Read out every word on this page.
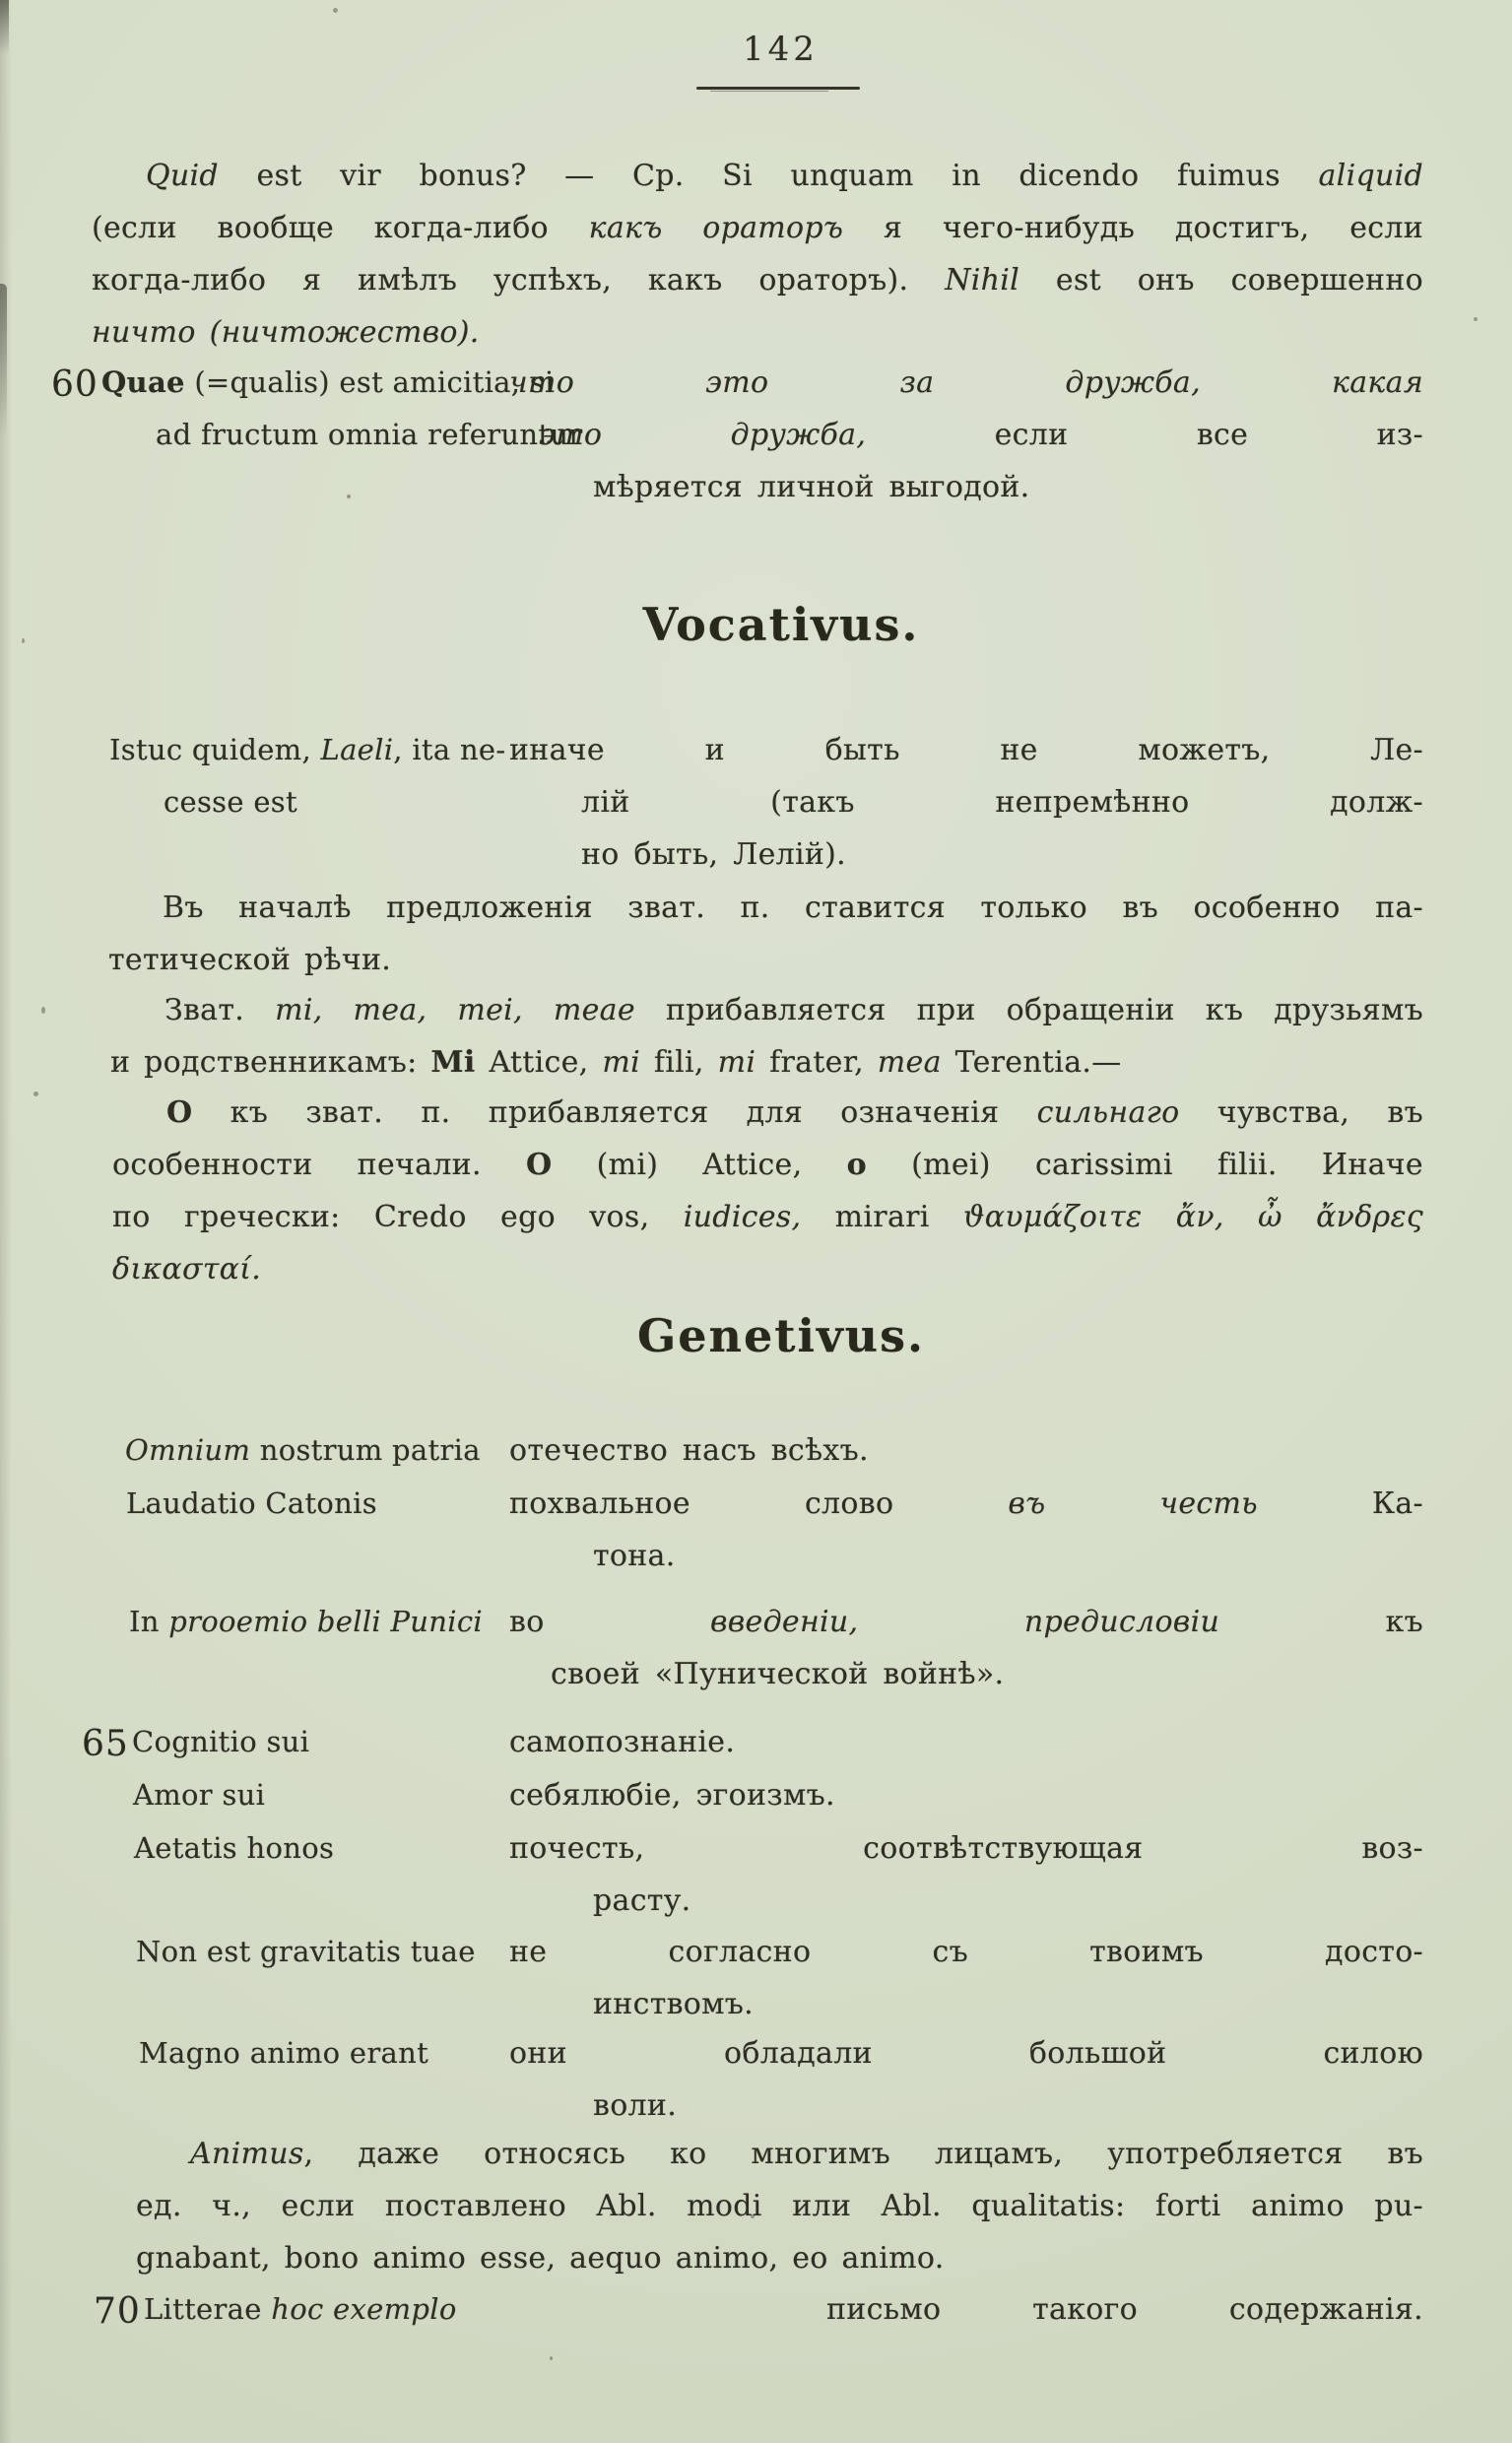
142
Quid est vir bonus? — Ср. Si unquam in dicendo fuimus aliquid
(если вообще когда-либо какъ ораторъ я чего-нибудь достигъ, если
когда-либо я имѣлъ успѣхъ, какъ ораторъ). Nihil est онъ совершенно
ничто (ничтожество).
60 Quae (=qualis) est amicitia, si
ad fructum omnia referuntur
что это за дружба, какая
это дружба, если все из-
мѣряется личной выгодой.
Vocativus.
Istuc quidem, Laeli, ita ne-
cesse est
иначе и быть не можетъ, Ле-
лій (такъ непремѣнно долж-
но быть, Лелій).
Въ началѣ предложенія зват. п. ставится только въ особенно па-
тетической рѣчи.
Зват. mi, mea, mei, meae прибавляется при обращеніи къ друзьямъ
и родственникамъ: Mi Attice, mi fili, mi frater, mea Terentia.—
О къ зват. п. прибавляется для означенія сильнаго чувства, въ
особенности печали. O (mi) Attice, o (mei) carissimi filii. Иначе
по гречески: Credo ego vos, iudices, mirari ϑαυμάζοιτε ἄν, ὦ ἄνδρες
δικασταί.
Genetivus.
Omnium nostrum patria отечество насъ всѣхъ.
Laudatio Catonis	похвальное слово въ честь Ка-
тона.
In prooemio belli Punici во введеніи, предисловіи къ
своей «Пунической войнѣ».
65 Cognitio sui	самопознаніе.
Amor sui	себялюбіе, эгоизмъ.
Aetatis honos	почесть, соотвѣтствующая воз-
расту.
Non est gravitatis tuae	не согласно съ твоимъ досто-
инствомъ.
Magno animo erant	они обладали большой силою
воли.
Animus, даже относясь ко многимъ лицамъ, употребляется въ
ед. ч., если поставлено Abl. modi или Abl. qualitatis: forti animo pu-
gnabant, bono animo esse, aequo animo, eo animo.
70 Litterae hoc exemplo	письмо такого содержанія.
